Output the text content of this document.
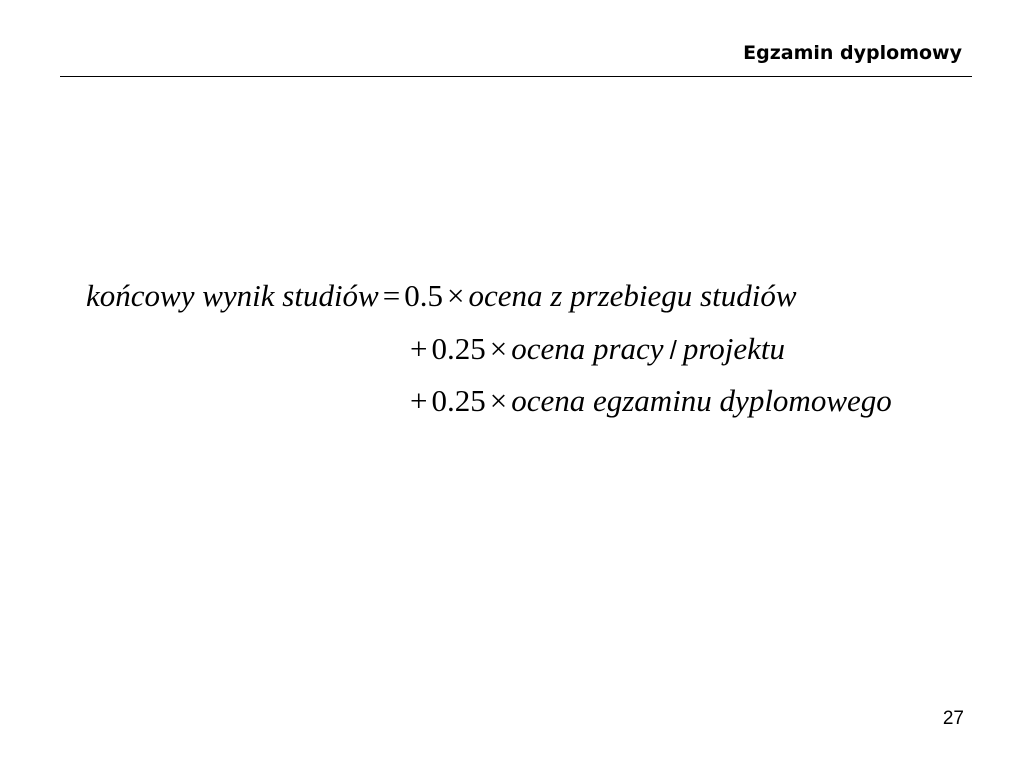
Egzamin dyplomowy
końcowy wynik studiów = 0.5 × ocena z przebiegu studiów
+ 0.25 × ocena pracy / projektu
+ 0.25 × ocena egzaminu dyplomowego
27
